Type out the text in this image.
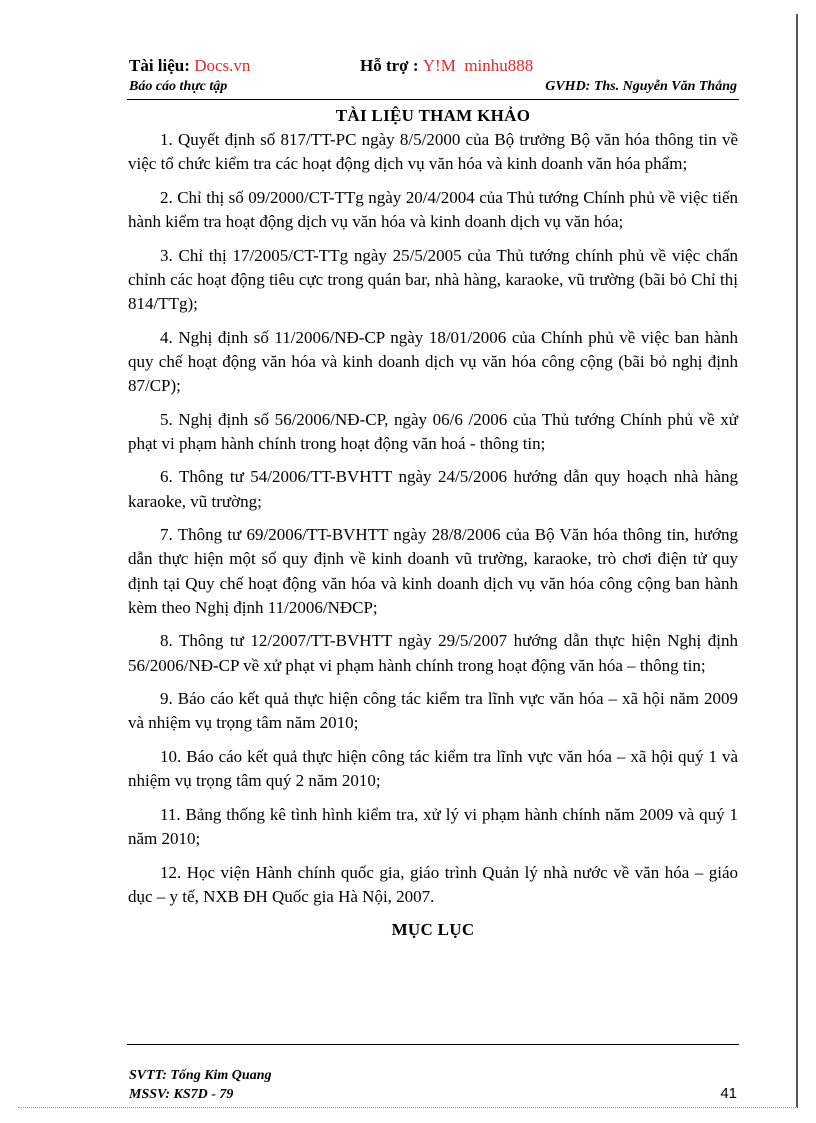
Tài liệu: Docs.vn	Hỗ trợ : Y!M  minhu888
Báo cáo thực tập	GVHD: Ths. Nguyễn Văn Thắng
TÀI LIỆU THAM KHẢO
1. Quyết định số 817/TT-PC ngày 8/5/2000 của Bộ trưởng Bộ văn hóa thông tin về việc tổ chức kiểm tra các hoạt động dịch vụ văn hóa và kinh doanh văn hóa phẩm;
2. Chỉ thị số 09/2000/CT-TTg ngày 20/4/2004 của Thủ tướng Chính phủ về việc tiến hành kiểm tra hoạt động dịch vụ văn hóa và kinh doanh dịch vụ văn hóa;
3. Chỉ thị 17/2005/CT-TTg ngày 25/5/2005 của Thủ tướng chính phủ về việc chấn chỉnh các hoạt động tiêu cực trong quán bar, nhà hàng, karaoke, vũ trường (bãi bỏ Chỉ thị 814/TTg);
4. Nghị định số 11/2006/NĐ-CP ngày 18/01/2006 của Chính phủ về việc ban hành quy chế hoạt động văn hóa và kinh doanh dịch vụ văn hóa công cộng (bãi bỏ nghị định 87/CP);
5. Nghị định số 56/2006/NĐ-CP, ngày 06/6 /2006 của Thủ tướng Chính phủ về xử phạt vi phạm hành chính trong hoạt động văn hoá - thông tin;
6. Thông tư 54/2006/TT-BVHTT ngày 24/5/2006 hướng dẫn quy hoạch nhà hàng karaoke, vũ trường;
7. Thông tư 69/2006/TT-BVHTT ngày 28/8/2006 của Bộ Văn hóa thông tin, hướng dẫn thực hiện một số quy định về kinh doanh vũ trường, karaoke, trò chơi điện tử quy định tại Quy chế hoạt động văn hóa và kinh doanh dịch vụ văn hóa công cộng ban hành kèm theo Nghị định 11/2006/NĐCP;
8. Thông tư 12/2007/TT-BVHTT ngày 29/5/2007 hướng dẫn thực hiện Nghị định 56/2006/NĐ-CP về xử phạt vi phạm hành chính trong hoạt động văn hóa – thông tin;
9. Báo cáo kết quả thực hiện công tác kiểm tra lĩnh vực văn hóa – xã hội năm 2009 và nhiệm vụ trọng tâm năm 2010;
10. Báo cáo kết quả thực hiện công tác kiểm tra lĩnh vực văn hóa – xã hội quý 1 và nhiệm vụ trọng tâm quý 2 năm 2010;
11. Bảng thống kê tình hình kiểm tra, xử lý vi phạm hành chính năm 2009 và quý 1 năm 2010;
12. Học viện Hành chính quốc gia, giáo trình Quản lý nhà nước về văn hóa – giáo dục – y tế, NXB ĐH Quốc gia Hà Nội, 2007.
MỤC LỤC
SVTT: Tống Kim Quang
MSSV: KS7D - 79	41
